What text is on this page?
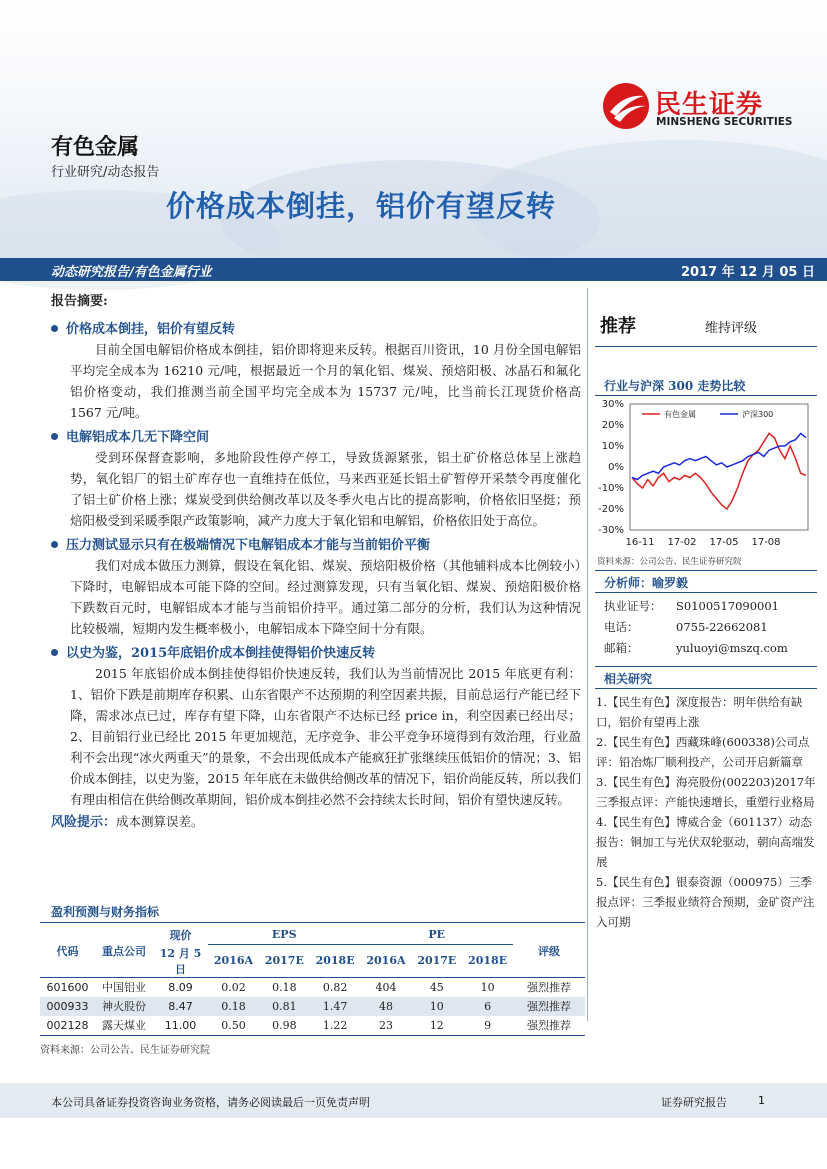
有色金属
行业研究/动态报告
价格成本倒挂，铝价有望反转
民生证券
MINSHENG SECURITIES
动态研究报告/有色金属行业	2017 年 12 月 05 日
报告摘要:
价格成本倒挂，铝价有望反转
目前全国电解铝价格成本倒挂，铝价即将迎来反转。根据百川资讯，10 月份全国电解铝平均完全成本为 16210 元/吨，根据最近一个月的氧化铝、煤炭、预焙阳极、冰晶石和氟化铝价格变动，我们推测当前全国平均完全成本为 15737 元/吨，比当前长江现货价格高 1567 元/吨。
电解铝成本几无下降空间
受到环保督查影响，多地阶段性停产停工，导致货源紧张，铝土矿价格总体呈上涨趋势，氧化铝厂的铝土矿库存也一直维持在低位，马来西亚延长铝土矿暂停开采禁令再度催化了铝土矿价格上涨；煤炭受到供给侧改革以及冬季火电占比的提高影响，价格依旧坚挺；预焙阳极受到采暖季限产政策影响，减产力度大于氧化铝和电解铝，价格依旧处于高位。
压力测试显示只有在极端情况下电解铝成本才能与当前铝价平衡
我们对成本做压力测算，假设在氧化铝、煤炭、预焙阳极价格（其他辅料成本比例较小）下降时，电解铝成本可能下降的空间。经过测算发现，只有当氧化铝、煤炭、预焙阳极价格下跌数百元时，电解铝成本才能与当前铝价持平。通过第二部分的分析，我们认为这种情况比较极端，短期内发生概率极小，电解铝成本下降空间十分有限。
以史为鉴，2015年底铝价成本倒挂使得铝价快速反转
2015 年底铝价成本倒挂使得铝价快速反转，我们认为当前情况比 2015 年底更有利：1、铝价下跌是前期库存积累、山东省限产不达预期的利空因素共振，目前总运行产能已经下降，需求冰点已过，库存有望下降，山东省限产不达标已经 price in，利空因素已经出尽；2、目前铝行业已经比 2015 年更加规范，无序竞争、非公平竞争环境得到有效治理，行业盈利不会出现“冰火两重天”的景象，不会出现低成本产能疯狂扩张继续压低铝价的情况；3、铝价成本倒挂，以史为鉴，2015 年年底在未做供给侧改革的情况下，铝价尚能反转，所以我们有理由相信在供给侧改革期间，铝价成本倒挂必然不会持续太长时间，铝价有望快速反转。
风险提示：成本测算误差。
盈利预测与财务指标
代码	重点公司	现价	EPS			PE			评级
		12 月 5 日	2016A	2017E	2018E	2016A	2017E	2018E	
601600	中国铝业	8.09	0.02	0.18	0.82	404	45	10	强烈推荐
000933	神火股份	8.47	0.18	0.81	1.47	48	10	6	强烈推荐
002128	露天煤业	11.00	0.50	0.98	1.22	23	12	9	强烈推荐
资料来源：公司公告、民生证券研究院
推荐	维持评级
行业与沪深 300 走势比较
30%
20%
10%
0%
-10%
-20%
-30%
16-11 17-02 17-05 17-08
有色金属	沪深300
资料来源：公司公告、民生证券研究院
分析师：喻罗毅
执业证号： S0100517090001
电话：	0755-22662081
邮箱：	yuluoyi@mszq.com
相关研究

1.【民生有色】深度报告：明年供给有缺口，铝价有望再上涨

2.【民生有色】西藏珠峰(600338)公司点评：铅冶炼厂顺利投产，公司开启新篇章

3.【民生有色】海亮股份(002203)2017年三季报点评：产能快速增长，重塑行业格局

4.【民生有色】博威合金（601137）动态报告：铜加工与光伏双轮驱动，朝向高端发展

5.【民生有色】银泰资源（000975）三季报点评：三季报业绩符合预期，金矿资产注入可期

本公司具备证券投资咨询业务资格，请务必阅读最后一页免责声明	证券研究报告	1
